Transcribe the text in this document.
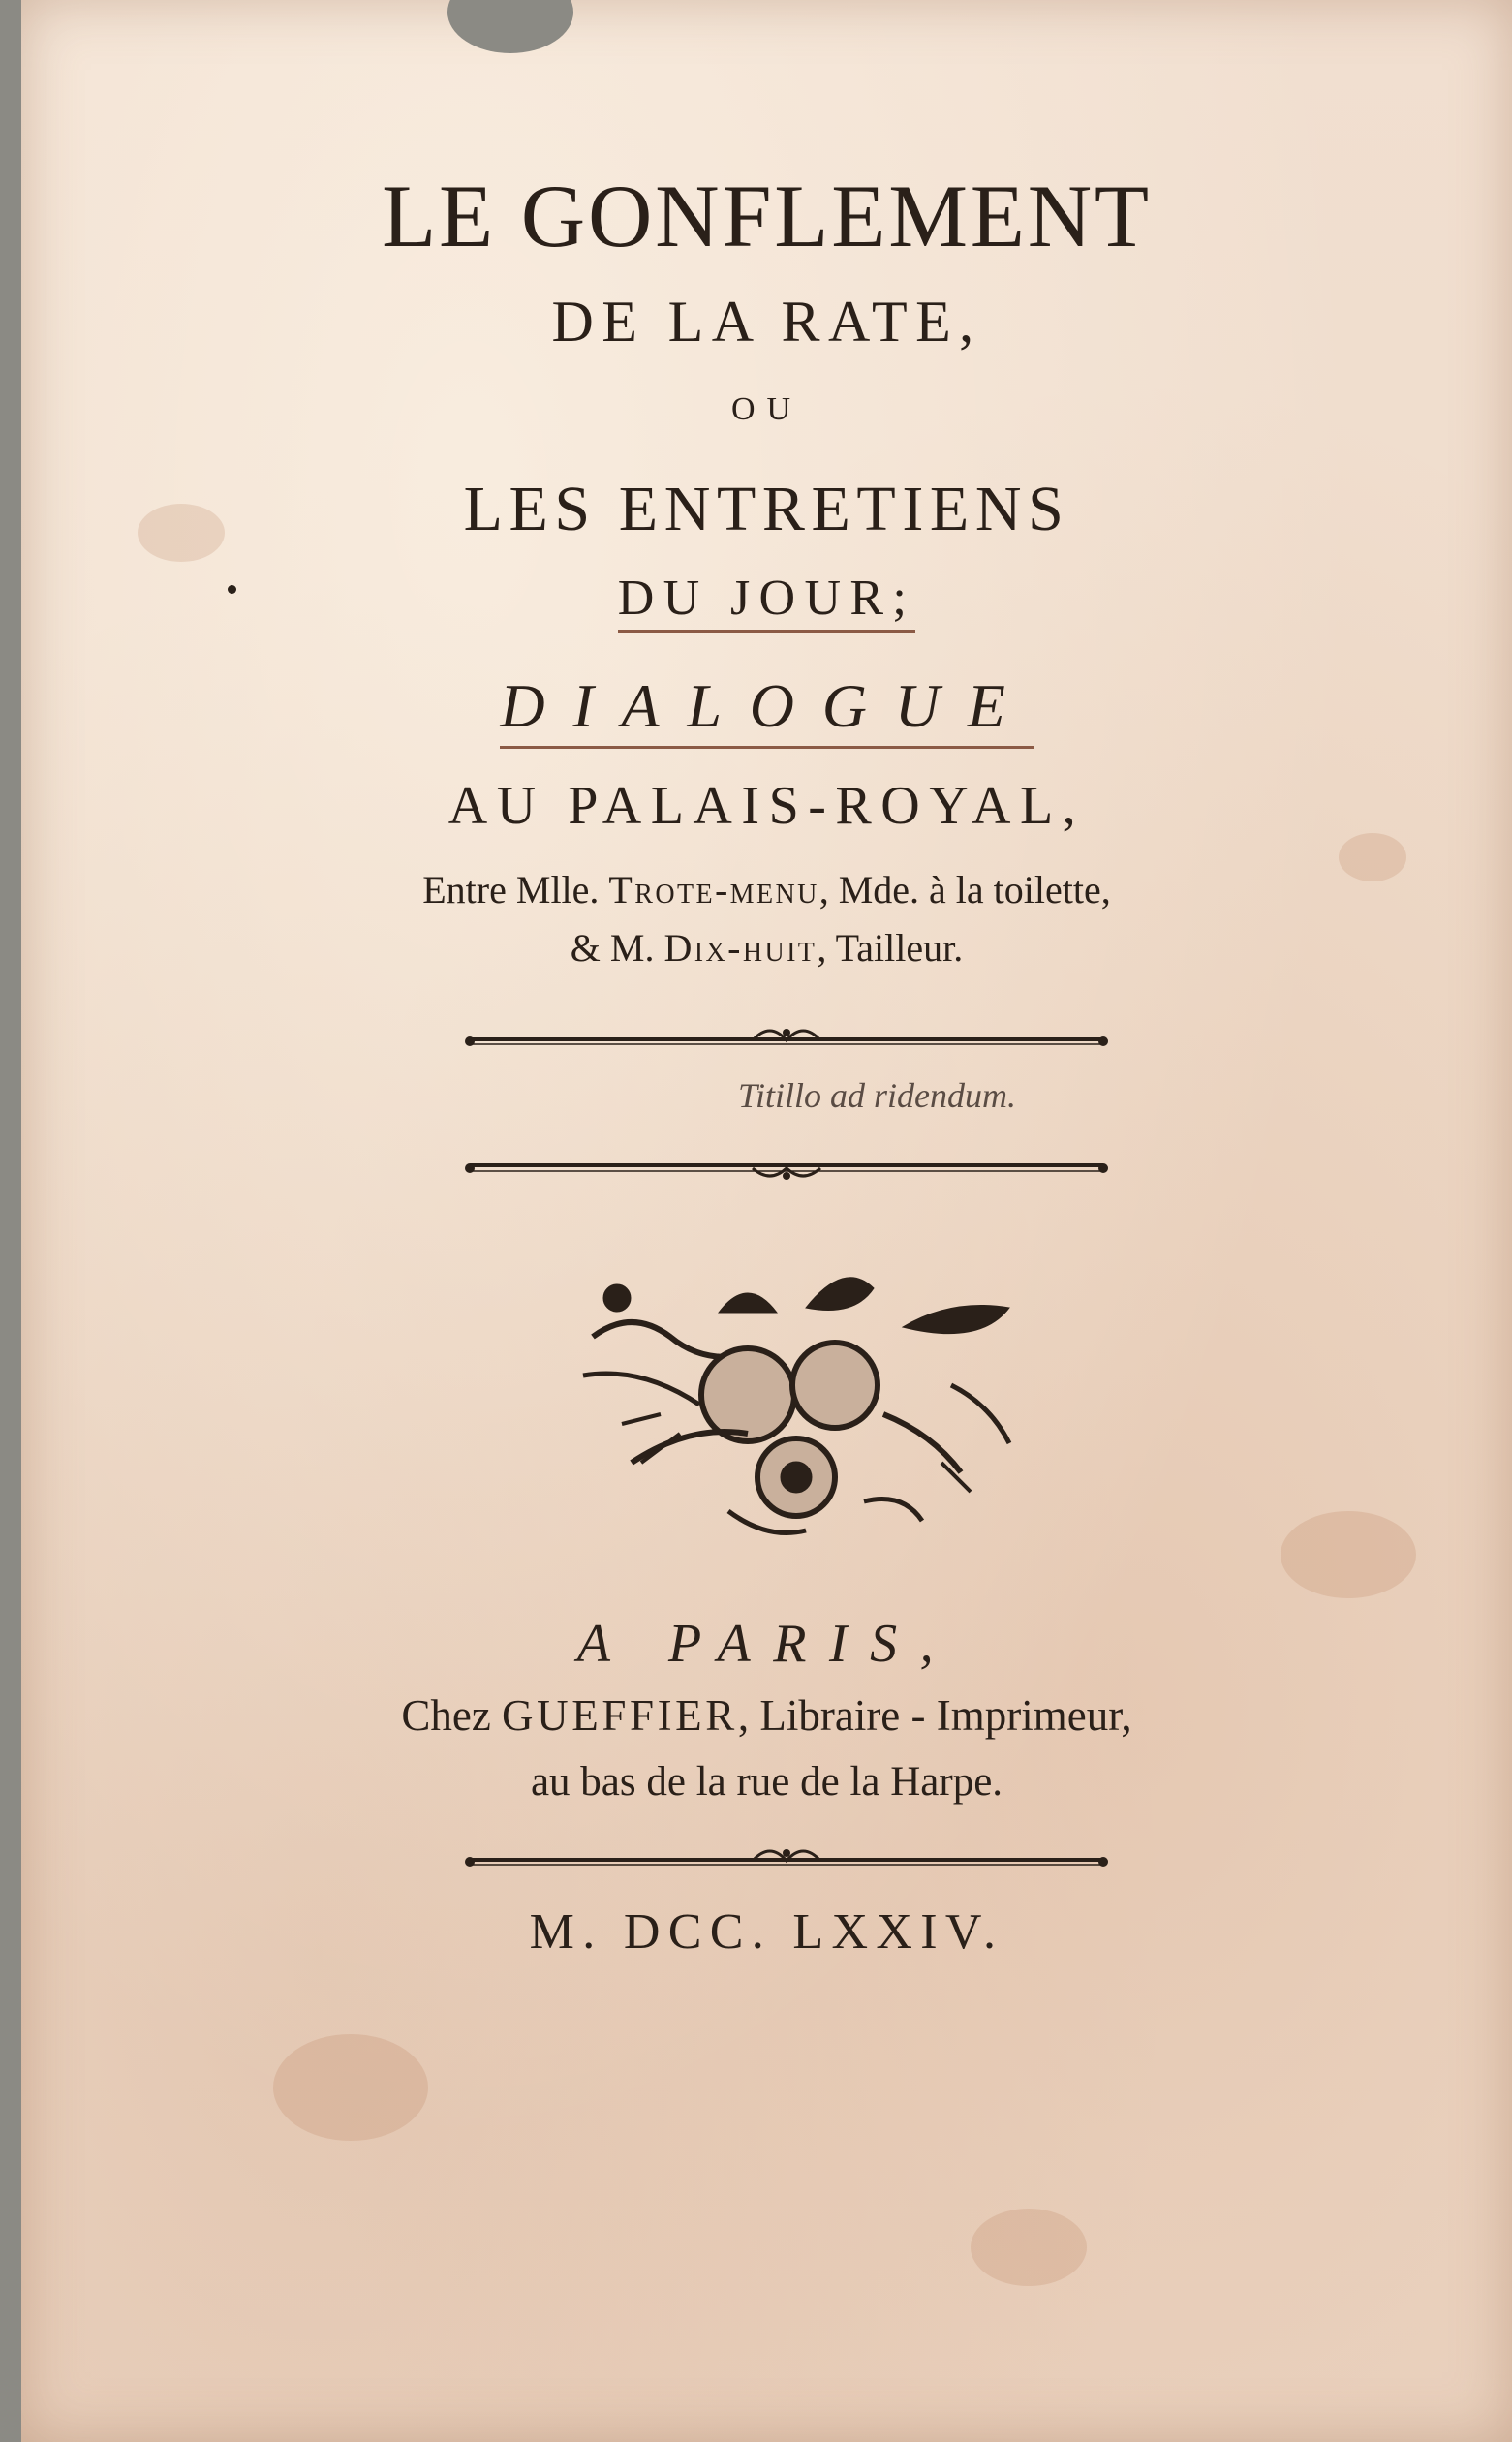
LE GONFLEMENT
DE LA RATE,
OU
LES ENTRETIENS
DU JOUR;
DIALOGUE
AU PALAIS-ROYAL,
Entre Mlle. Trote-menu, Mde. à la toilette,
& M. Dix-huit, Tailleur.
Titillo ad ridendum.
A PARIS,
Chez GUEFFIER, Libraire - Imprimeur,
au bas de la rue de la Harpe.
M. DCC. LXXIV.
